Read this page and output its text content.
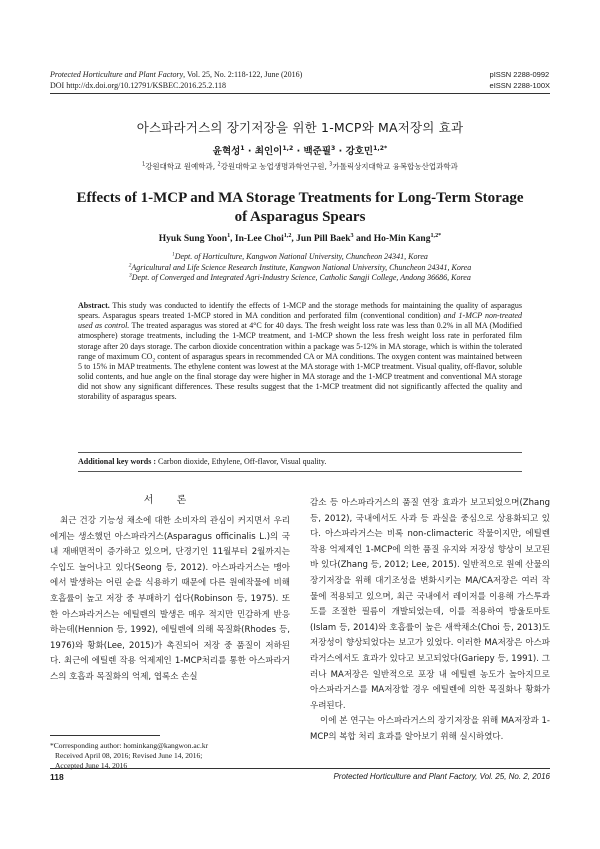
Protected Horticulture and Plant Factory, Vol. 25, No. 2:118-122, June (2016)
DOI http://dx.doi.org/10.12791/KSBEC.2016.25.2.118
pISSN 2288-0992
eISSN 2288-100X
아스파라거스의 장기저장을 위한 1-MCP와 MA저장의 효과
윤혁성$^1$ · 최인이$^{1,2}$ · 백준필$^3$ · 강호민$^{1,2*}$
$^1$강원대학교 원예학과, $^2$강원대학교 농업생명과학연구원, $^3$가톨릭상지대학교 융복합농산업과학과
Effects of 1-MCP and MA Storage Treatments for Long-Term Storage
of Asparagus Spears
Hyuk Sung Yoon$^1$, In-Lee Choi$^{1,2}$, Jun Pill Baek$^3$ and Ho-Min Kang$^{1,2*}$
$^1$Dept. of Horticulture, Kangwon National University, Chuncheon 24341, Korea
$^2$Agricultural and Life Science Research Institute, Kangwon National University, Chuncheon 24341, Korea
$^3$Dept. of Converged and Integrated Agri-Industry Science, Catholic Sangji College, Andong 36686, Korea
Abstract. This study was conducted to identify the effects of 1-MCP and the storage methods for maintaining the quality of asparagus spears. Asparagus spears treated 1-MCP stored in MA condition and perforated film (conventional condition) and 1-MCP non-treated used as control. The treated asparagus was stored at 4°C for 40 days. The fresh weight loss rate was less than 0.2% in all MA (Modified atmosphere) storage treatments, including the 1-MCP treatment, and 1-MCP shown the less fresh weight loss rate in perforated film storage after 20 days storage. The carbon dioxide concentration within a package was 5-12% in MA storage, which is within the tolerated range of maximum $CO_2$ content of asparagus spears in recommended CA or MA conditions. The oxygen content was maintained between 5 to 15% in MAP treatments. The ethylene content was lowest at the MA storage with 1-MCP treatment. Visual quality, off-flavor, soluble solid contents, and hue angle on the final storage day were higher in MA storage and the 1-MCP treatment and conventional MA storage did not show any significant differences. These results suggest that the 1-MCP treatment did not significantly affected the quality and storability of asparagus spears.
Additional key words : Carbon dioxide, Ethylene, Off-flavor, Visual quality.
서 론

최근 건강 기능성 채소에 대한 소비자의 관심이 커지면서 우리에게는 생소했던 아스파라거스(Asparagus officinalis L.)의 국내 재배면적이 증가하고 있으며, 단경기인 11월부터 2월까지는 수입도 늘어나고 있다(Seong 등, 2012). 아스파라거스는 맹아에서 발생하는 어린 순을 식용하기 때문에 다른 원예작물에 비해 호흡률이 높고 저장 중 부패하기 쉽다(Robinson 등, 1975). 또한 아스파라거스는 에틸렌의 발생은 매우 적지만 민감하게 반응하는데(Hennion 등, 1992), 에틸렌에 의해 목질화(Rhodes 등, 1976)와 황화(Lee, 2015)가 촉진되어 저장 중 품질이 저하된다. 최근에 에틸렌 작용 억제제인 1-MCP처리를 통한 아스파라거스의 호흡과 목질화의 억제, 엽록소 손실

감소 등 아스파라거스의 품질 연장 효과가 보고되었으며(Zhang 등, 2012), 국내에서도 사과 등 과실을 중심으로 상용화되고 있다. 아스파라거스는 비록 non-climacteric 작물이지만, 에틸렌 작용 억제제인 1-MCP에 의한 품질 유지와 저장성 향상이 보고된 바 있다(Zhang 등, 2012; Lee, 2015). 일반적으로 원예 산물의 장기저장을 위해 대기조성을 변화시키는 MA/CA저장은 여러 작물에 적용되고 있으며, 최근 국내에서 레이저를 이용해 가스투과도를 조절한 필름이 개발되었는데, 이를 적용하여 방울토마토(Islam 등, 2014)와 호흡률이 높은 새싹채소(Choi 등, 2013)도 저장성이 향상되었다는 보고가 있었다. 이러한 MA저장은 아스파라거스에서도 효과가 있다고 보고되었다(Gariepy 등, 1991). 그러나 MA저장은 일반적으로 포장 내 에틸렌 농도가 높아지므로 아스파라거스를 MA저장할 경우 에틸렌에 의한 목질화나 황화가 우려된다.

이에 본 연구는 아스파라거스의 장기저장을 위해 MA저장과 1-MCP의 복합 처리 효과를 알아보기 위해 실시하였다.

*Corresponding author: hominkang@kangwon.ac.kr
Received April 08, 2016; Revised June 14, 2016;
Accepted June 14, 2016
118	Protected Horticulture and Plant Factory, Vol. 25, No. 2, 2016
